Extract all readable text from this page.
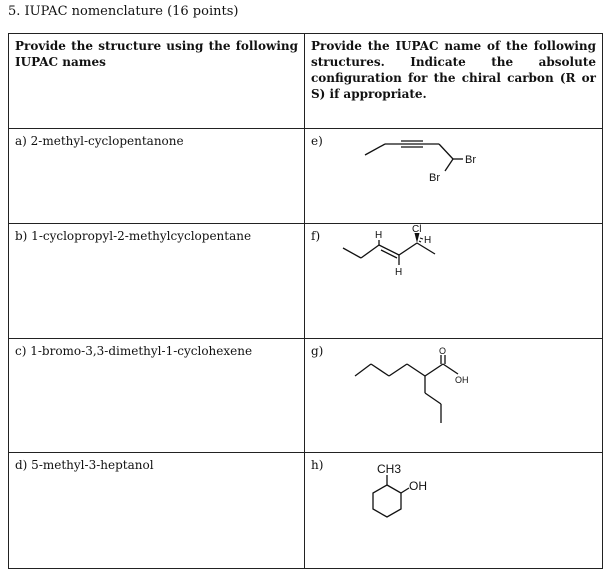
5. IUPAC nomenclature (16 points)
Provide the structure using the following IUPAC names	Provide the IUPAC name of the following structures. Indicate the absolute configuration for the chiral carbon (R or S) if appropriate.
a) 2-methyl-cyclopentanone	e)
Br
Br

b) 1-cyclopropyl-2-methylcyclopentane	f) Cl
H
H
H

c) 1-bromo-3,3-dimethyl-1-cyclohexene	g) O
OH

d) 5-methyl-3-heptanol	h) CH3
OH
